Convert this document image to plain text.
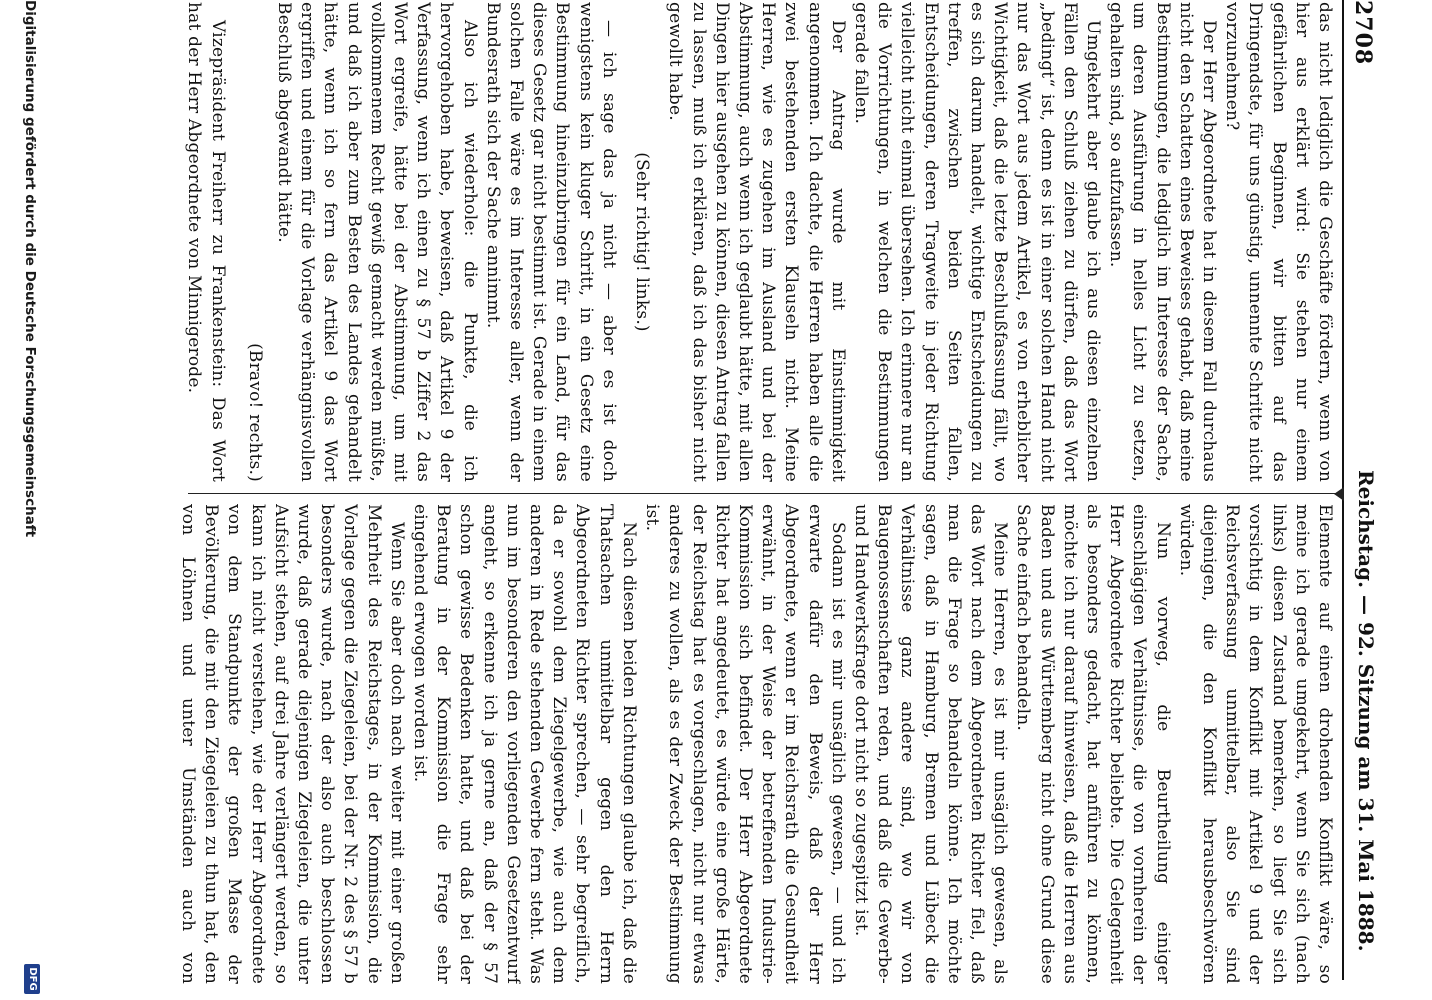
2708
Reichstag. — 92. Sitzung am 31. Mai 1888.

das nicht lediglich die Geschäfte fördern, wenn von hier aus erklärt wird: Sie stehen nur einem gefährlichen Beginnen, wir bitten auf das Dringendste, für uns günstig, unnennte Schritte nicht vorzunehmen?

Der Herr Abgeordnete hat in diesem Fall durchaus nicht den Schatten eines Beweises gehabt, daß meine Bestimmungen, die lediglich im Interesse der Sache, um deren Ausführung in helles Licht zu setzen, gehalten sind, so aufzufassen.

Umgekehrt aber glaube ich aus diesen einzelnen Fällen den Schluß ziehen zu dürfen, daß das Wort „bedingt“ ist, denn es ist in einer solchen Hand nicht nur das Wort aus jedem Artikel, es von erheblicher Wichtigkeit, daß die letzte Beschlußfassung fällt, wo es sich darum handelt, wichtige Entscheidungen zu treffen, zwischen beiden Seiten fallen, Entscheidungen, deren Tragweite in jeder Richtung vielleicht nicht einmal übersehen. Ich erinnere nur an die Vorrichtungen, in welchen die Bestimmungen gerade fallen.

Der Antrag wurde mit Einstimmigkeit angenommen. Ich dachte, die Herren haben alle die zwei bestehenden ersten Klauseln nicht. Meine Herren, wie es zugehen im Ausland und bei der Abstimmung, auch wenn ich geglaubt hätte, mit allen Dingen hier ausgehen zu können, diesen Antrag fallen zu lassen, muß ich erklären, daß ich das bisher nicht gewollt habe.

(Sehr richtig! links.)

— ich sage das ja nicht — aber es ist doch wenigstens kein kluger Schritt, in ein Gesetz eine Bestimmung hineinzubringen für ein Land, für das dieses Gesetz gar nicht bestimmt ist. Gerade in einem solchen Falle wäre es im Interesse aller, wenn der Bundesrath sich der Sache annimmt.

Also ich wiederhole: die Punkte, die ich hervorgehoben habe, beweisen, daß Artikel 9 der Verfassung, wenn ich einen zu § 57 b Ziffer 2 das Wort ergreife, hätte bei der Abstimmung, um mit vollkommenem Recht gewiß gemacht werden müßte, und daß ich aber zum Besten des Landes gehandelt hätte, wenn ich so fern das Artikel 9 das Wort ergriffen und einem für die Vorlage verhängnisvollen Beschluß abgewandt hätte.

(Bravo! rechts.)

Vizepräsident Freiherr zu Frankenstein: Das Wort hat der Herr Abgeordnete von Minnigerode.

Elemente auf einen drohenden Konflikt wäre, so meine ich gerade umgekehrt, wenn Sie sich (nach links) diesen Zustand bemerken, so liegt Sie sich vorsichtig in dem Konflikt mit Artikel 9 und der Reichsverfassung unmittelbar, also Sie sind diejenigen, die den Konflikt herausbeschwören würden.

Nun vorweg, die Beurtheilung einiger einschlägigen Verhältnisse, die von vornherein der Herr Abgeordnete Richter beliebte. Die Gelegenheit als besonders gedacht, hat anführen zu können, möchte ich nur darauf hinweisen, daß die Herren aus Baden und aus Württemberg nicht ohne Grund diese Sache einfach behandeln.

Meine Herren, es ist mir unsäglich gewesen, als das Wort nach dem Abgeordneten Richter fiel, daß man die Frage so behandeln könne. Ich möchte sagen, daß in Hamburg, Bremen und Lübeck die Verhältnisse ganz andere sind, wo wir von Baugenossenschaften reden, und daß die Gewerbe- und Handwerksfrage dort nicht so zugespitzt ist.

Sodann ist es mir unsäglich gewesen, — und ich erwarte dafür den Beweis, daß der Herr Abgeordnete, wenn er im Reichsrath die Gesundheit erwähnt, in der Weise der betreffenden Industrie-Kommission sich befindet. Der Herr Abgeordnete Richter hat angedeutet, es würde eine große Härte, der Reichstag hat es vorgeschlagen, nicht nur etwas anderes zu wollen, als es der Zweck der Bestimmung ist.

Nach diesen beiden Richtungen glaube ich, daß die Thatsachen unmittelbar gegen den Herrn Abgeordneten Richter sprechen, — sehr begreiflich, da er sowohl dem Ziegelgewerbe, wie auch dem anderen in Rede stehenden Gewerbe fern steht. Was nun im besonderen den vorliegenden Gesetzentwurf angeht, so erkenne ich ja gerne an, daß der § 57 schon gewisse Bedenken hatte, und daß bei der Beratung in der Kommission die Frage sehr eingehend erwogen worden ist.

Wenn Sie aber doch nach weiter mit einer großen Mehrheit des Reichstages, in der Kommission, die Vorlage gegen die Ziegeleien, bei der Nr. 2 des § 57 b besonders wurde, nach der also auch beschlossen wurde, daß gerade diejenigen Ziegeleien, die unter Aufsicht stehen, auf drei Jahre verlängert werden, so kann ich nicht verstehen, wie der Herr Abgeordnete von dem Standpunkte der großen Masse der Bevölkerung, die mit den Ziegeleien zu thun hat, den von Löhnen und unter Umständen auch von

Digitalisierung gefördert durch die Deutsche Forschungsgemeinschaft
DFG
